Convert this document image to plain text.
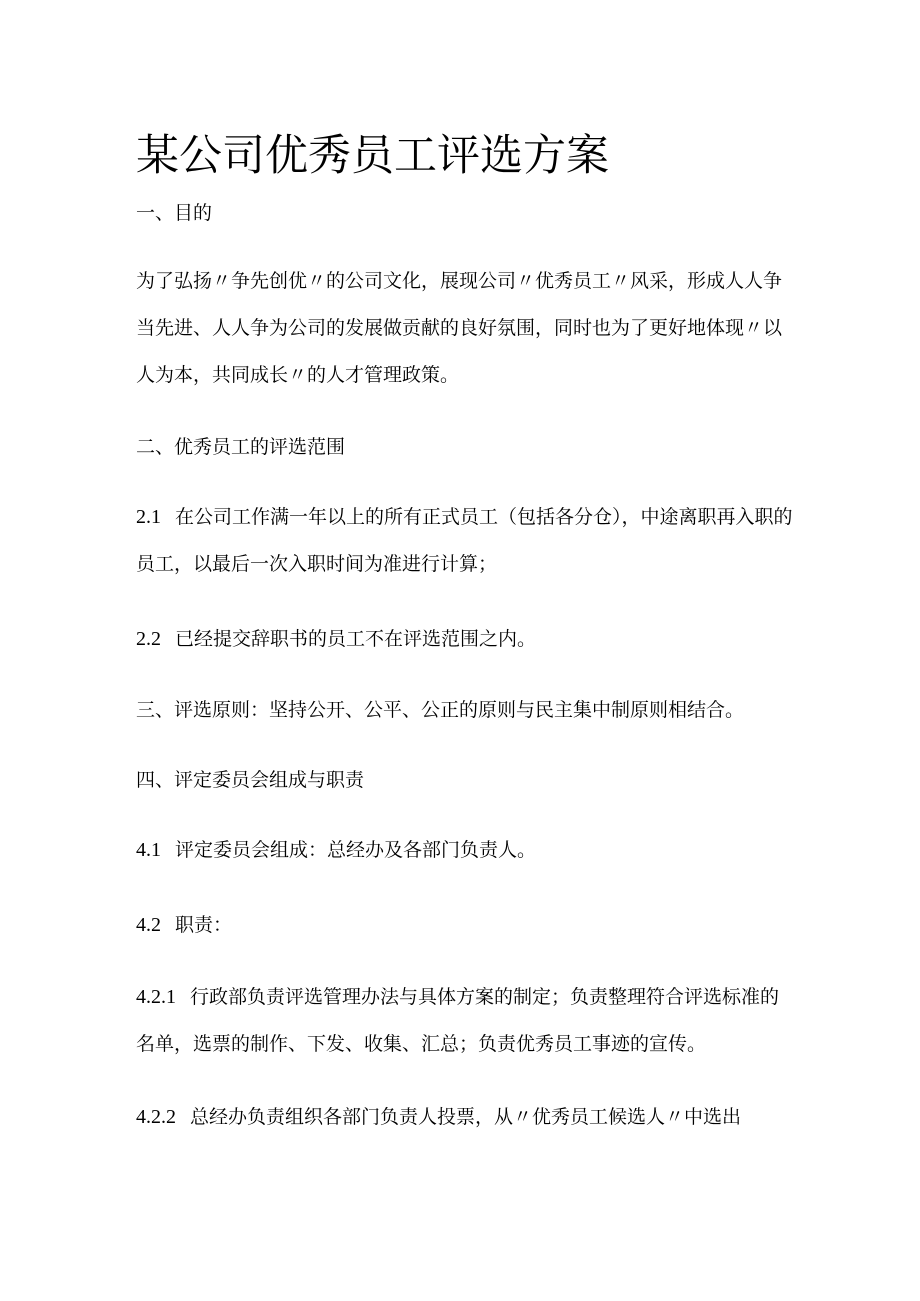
某公司优秀员工评选方案

一、目的

为了弘扬〃争先创优〃的公司文化，展现公司〃优秀员工〃风采，形成人人争当先进、人人争为公司的发展做贡献的良好氛围，同时也为了更好地体现〃以人为本，共同成长〃的人才管理政策。

二、优秀员工的评选范围

2.1 在公司工作满一年以上的所有正式员工（包括各分仓），中途离职再入职的员工，以最后一次入职时间为准进行计算；

2.2 已经提交辞职书的员工不在评选范围之内。

三、评选原则：坚持公开、公平、公正的原则与民主集中制原则相结合。

四、评定委员会组成与职责

4.1 评定委员会组成：总经办及各部门负责人。

4.2 职责：

4.2.1 行政部负责评选管理办法与具体方案的制定；负责整理符合评选标准的名单，选票的制作、下发、收集、汇总；负责优秀员工事迹的宣传。

4.2.2 总经办负责组织各部门负责人投票，从〃优秀员工候选人〃中选出
